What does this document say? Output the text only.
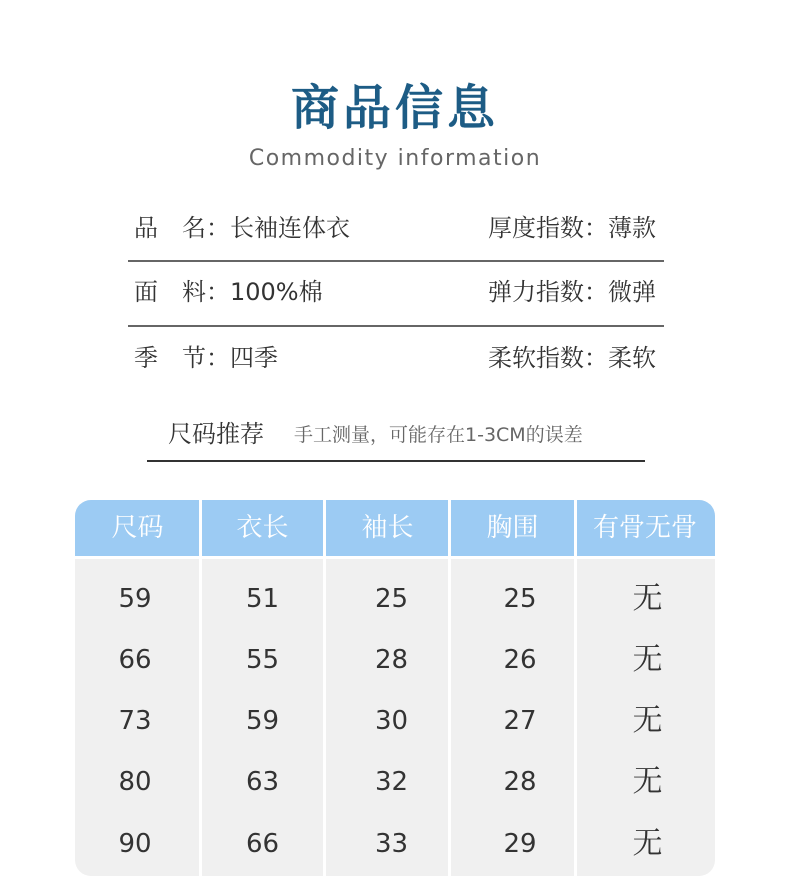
商品信息
Commodity information
品　名：长袖连体衣	厚度指数：薄款
面　料：100%棉	弹力指数：微弹
季　节：四季	柔软指数：柔软
尺码推荐 手工测量，可能存在1-3CM的误差
尺码	衣长	袖长	胸围	有骨无骨
59	51	25	25	无
66	55	28	26	无
73	59	30	27	无
80	63	32	28	无
90	66	33	29	无
